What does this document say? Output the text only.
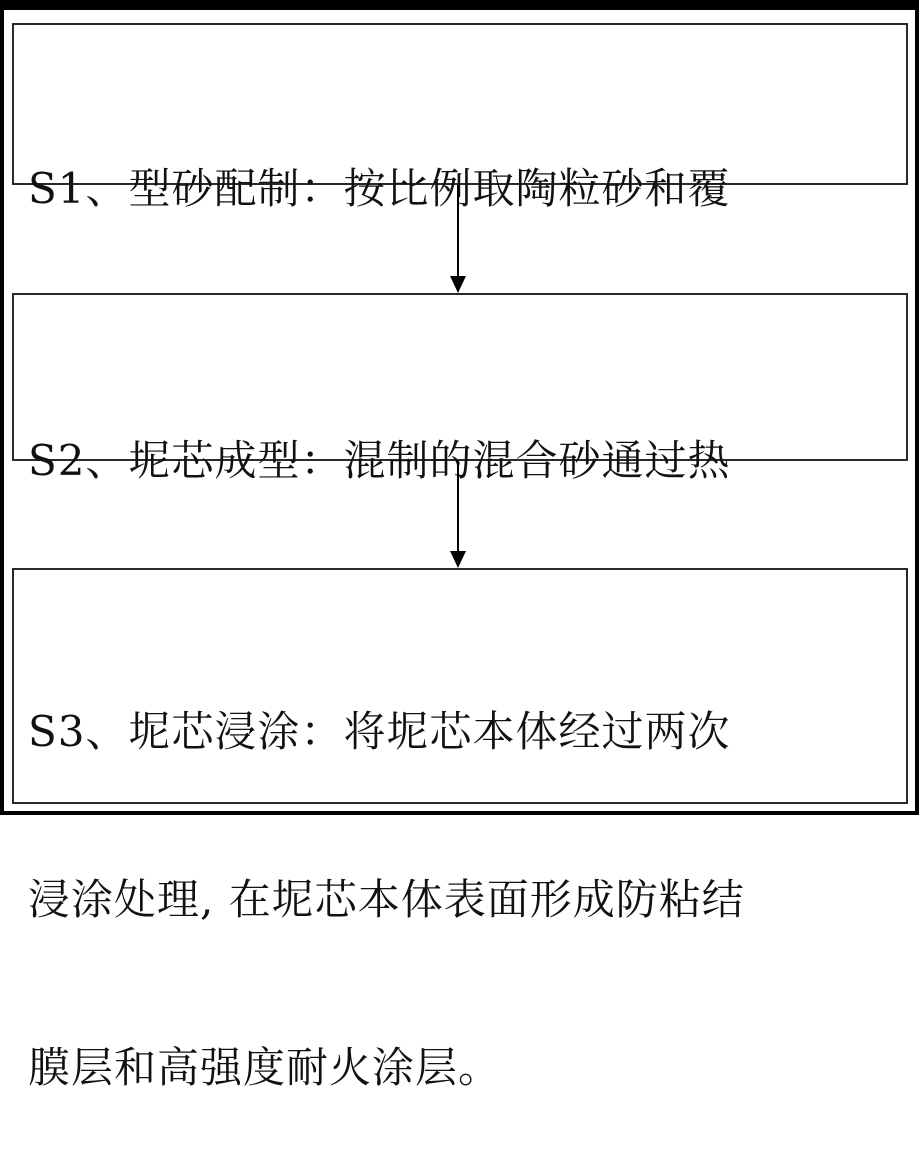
S1、型砂配制：按比例取陶粒砂和覆

S2、坭芯成型：混制的混合砂通过热

S3、坭芯浸涂：将坭芯本体经过两次

浸涂处理, 在坭芯本体表面形成防粘结

膜层和高强度耐火涂层。
